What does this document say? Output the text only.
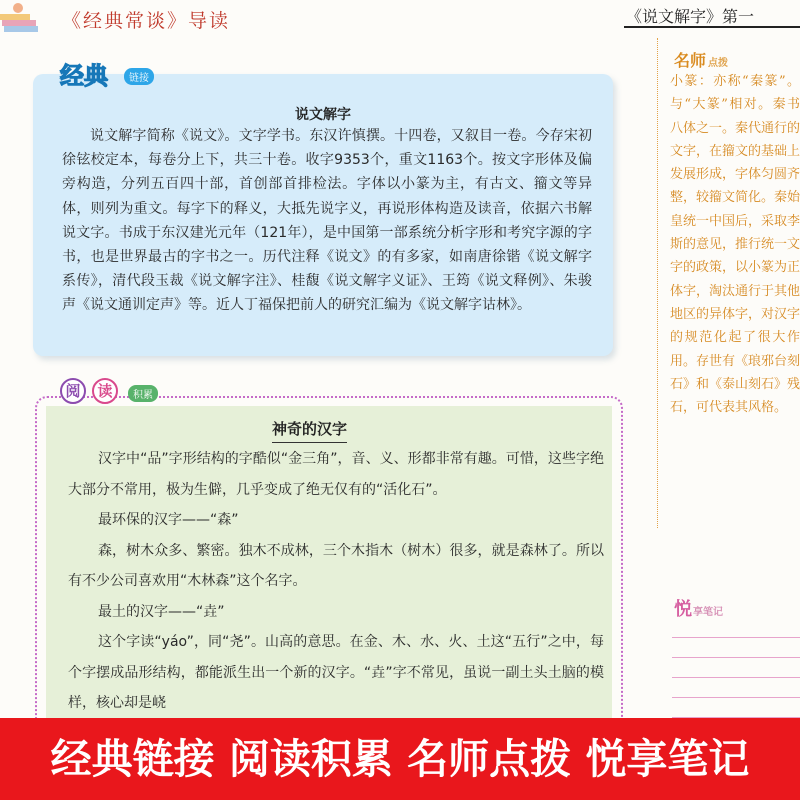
《经典常谈》导读	《说文解字》第一
经典	链接
说文解字
说文解字简称《说文》。文字学书。东汉许慎撰。十四卷，又叙目一卷。今存宋初徐铉校定本，每卷分上下，共三十卷。收字9353个，重文1163个。按文字形体及偏旁构造，分列五百四十部，首创部首排检法。字体以小篆为主，有古文、籀文等异体，则列为重文。每字下的释义，大抵先说字义，再说形体构造及读音，依据六书解说文字。书成于东汉建光元年（121年），是中国第一部系统分析字形和考究字源的字书，也是世界最古的字书之一。历代注释《说文》的有多家，如南唐徐锴《说文解字系传》，清代段玉裁《说文解字注》、桂馥《说文解字义证》、王筠《说文释例》、朱骏声《说文通训定声》等。近人丁福保把前人的研究汇编为《说文解字诂林》。
阅	读	积累
神奇的汉字

汉字中“品”字形结构的字酷似“金三角”，音、义、形都非常有趣。可惜，这些字绝大部分不常用，极为生僻，几乎变成了绝无仅有的“活化石”。

最环保的汉字——“森”

森，树木众多、繁密。独木不成林，三个木指木（树木）很多，就是森林了。所以有不少公司喜欢用“木林森”这个名字。

最土的汉字——“垚”

这个字读“yáo”，同“尧”。山高的意思。在金、木、水、火、土这“五行”之中，每个字摆成品形结构，都能派生出一个新的汉字。“垚”字不常见，虽说一副土头土脑的模样，核心却是峣

名师 点拨
小篆：亦称“秦篆”。与“大篆”相对。秦书八体之一。秦代通行的文字，在籀文的基础上发展形成，字体匀圆齐整，较籀文简化。秦始皇统一中国后，采取李斯的意见，推行统一文字的政策，以小篆为正体字，淘汰通行于其他地区的异体字，对汉字的规范化起了很大作用。存世有《琅邪台刻石》和《泰山刻石》残石，可代表其风格。
悦享笔记
经典链接 阅读积累 名师点拨 悦享笔记
